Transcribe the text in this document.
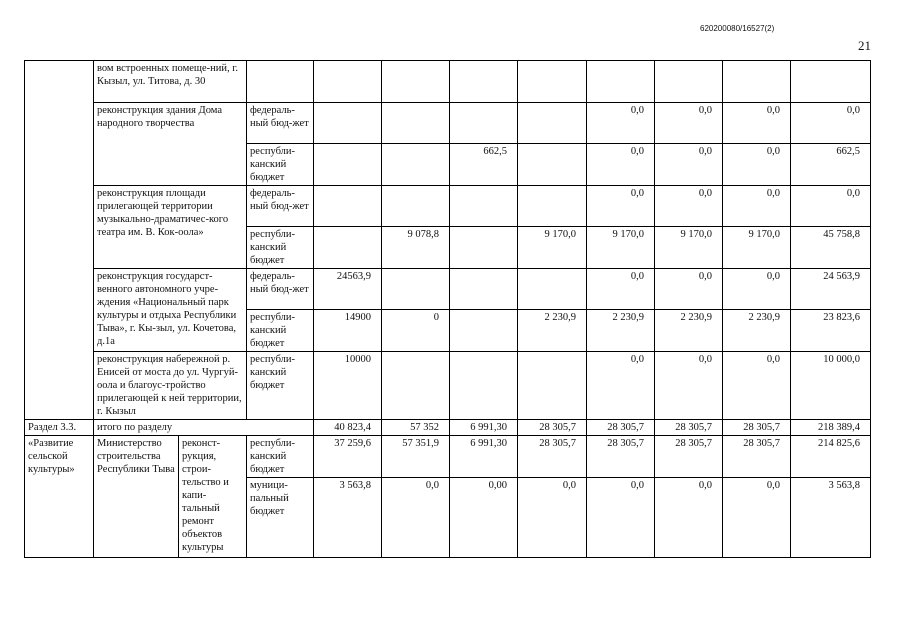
620200080/16527(2)
21
	вом встроенных помеще-ний, г. Кызыл, ул. Титова, д. 30										
	реконструкция здания Дома народного творчества		федераль-ный бюд-жет					0,0	0,0	0,0	0,0
			республи-канский бюджет			662,5		0,0	0,0	0,0	662,5
	реконструкция площади прилегающей территории музыкально-драматичес-кого театра им. В. Кок-оола»		федераль-ный бюд-жет					0,0	0,0	0,0	0,0
			республи-канский бюджет		9 078,8		9 170,0	9 170,0	9 170,0	9 170,0	45 758,8
	реконструкция государст-венного автономного учре-ждения «Национальный парк культуры и отдыха Республики Тыва», г. Кы-зыл, ул. Кочетова, д.1а		федераль-ный бюд-жет	24563,9				0,0	0,0	0,0	24 563,9
			республи-канский бюджет	14900	0		2 230,9	2 230,9	2 230,9	2 230,9	23 823,6
	реконструкция набережной р. Енисей от моста до ул. Чургуй-оола и благоус-тройство прилегающей к ней территории, г. Кызыл		республи-канский бюджет	10000				0,0	0,0	0,0	10 000,0
Раздел 3.3.	итого по разделу			40 823,4	57 352	6 991,30	28 305,7	28 305,7	28 305,7	28 305,7	218 389,4
«Развитие сельской культуры»	Министерство строительства Республики Тыва	реконст-рукция, строи-тельство и капи-тальный ремонт объектов культуры	республи-канский бюджет	37 259,6	57 351,9	6 991,30	28 305,7	28 305,7	28 305,7	28 305,7	214 825,6
			муници-пальный бюджет	3 563,8	0,0	0,00	0,0	0,0	0,0	0,0	3 563,8
